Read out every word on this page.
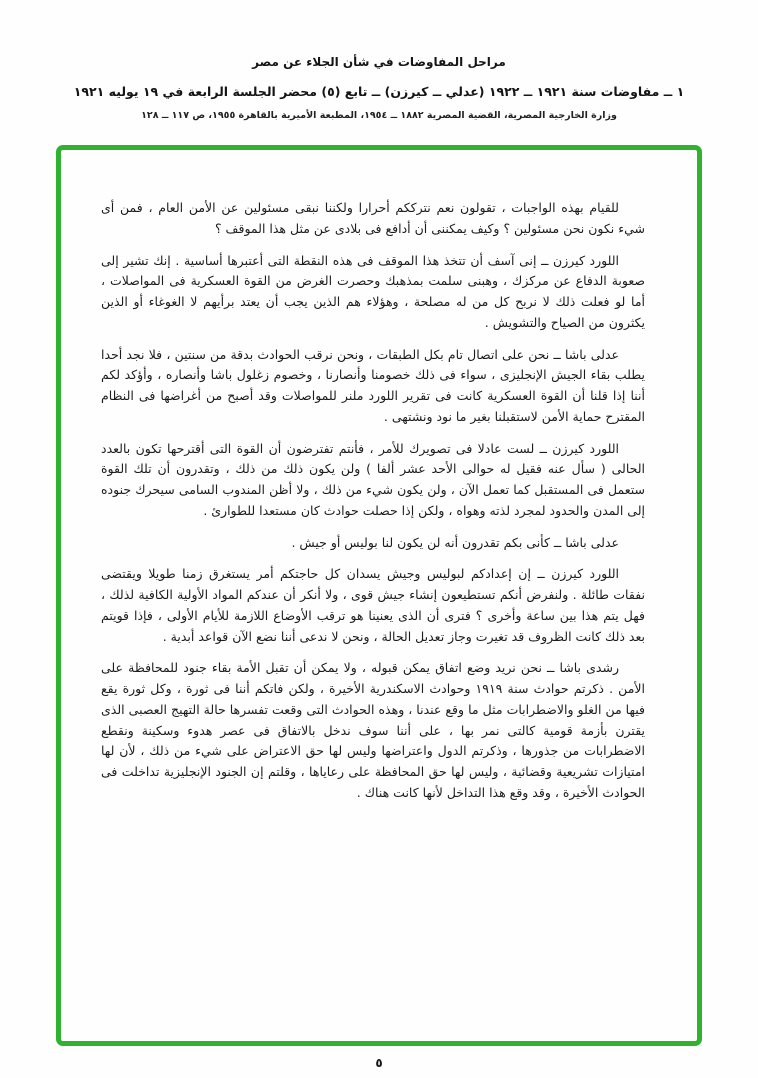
مراحل المفاوضات في شأن الجلاء عن مصر
١ ــ مفاوضات سنة ١٩٢١ ــ ١٩٢٢ (عدلي ــ كيرزن) ــ تابع (٥) محضر الجلسة الرابعة في ١٩ يوليه ١٩٢١
وزارة الخارجية المصرية، القضية المصرية ١٨٨٢ ــ ١٩٥٤، المطبعة الأميرية بالقاهرة ١٩٥٥، ص ١١٧ ــ ١٢٨

للقيام بهذه الواجبات ، تقولون نعم نترككم أحرارا ولكننا نبقى مسئولين عن الأمن العام ، فمن أى شيء نكون نحن مسئولين ؟ وكيف يمكننى أن أدافع فى بلادى عن مثل هذا الموقف ؟

اللورد كيرزن ــ إنى آسف أن تتخذ هذا الموقف فى هذه النقطة التى أعتبرها أساسية . إنك تشير إلى صعوبة الدفاع عن مركزك ، وهبنى سلمت بمذهبك وحصرت الغرض من القوة العسكرية فى المواصلات ، أما لو فعلت ذلك لا نربح كل من له مصلحة ، وهؤلاء هم الذين يجب أن يعتد برأيهم لا الغوغاء أو الذين يكثرون من الصياح والتشويش .

عدلى باشا ــ نحن على اتصال تام بكل الطبقات ، ونحن نرقب الحوادث بدقة من سنتين ، فلا نجد أحدا يطلب بقاء الجيش الإنجليزى ، سواء فى ذلك خصومنا وأنصارنا ، وخصوم زغلول باشا وأنصاره ، وأؤكد لكم أننا إذا قلنا أن القوة العسكرية كانت فى تقرير اللورد ملنر للمواصلات وقد أصبح من أغراضها فى النظام المقترح حماية الأمن لاستقبلنا بغير ما نود ونشتهى .

اللورد كيرزن ــ لست عادلا فى تصويرك للأمر ، فأنتم تفترضون أن القوة التى أقترحها تكون بالعدد الحالى ( سأل عنه فقيل له حوالى الأحد عشر ألفا ) ولن يكون ذلك من ذلك ، وتقدرون أن تلك القوة ستعمل فى المستقبل كما تعمل الآن ، ولن يكون شيء من ذلك ، ولا أظن المندوب السامى سيحرك جنوده إلى المدن والحدود لمجرد لذته وهواه ، ولكن إذا حصلت حوادث كان مستعدا للطوارئ .

عدلى باشا ــ كأنى بكم تقدرون أنه لن يكون لنا بوليس أو جيش .

اللورد كيرزن ــ إن إعدادكم لبوليس وجيش يسدان كل حاجتكم أمر يستغرق زمنا طويلا ويقتضى نفقات طائلة . ولنفرض أنكم تستطيعون إنشاء جيش قوى ، ولا أنكر أن عندكم المواد الأولية الكافية لذلك ، فهل يتم هذا بين ساعة وأخرى ؟ فترى أن الذى يعنينا هو ترقب الأوضاع اللازمة للأيام الأولى ، فإذا قويتم بعد ذلك كانت الظروف قد تغيرت وجاز تعديل الحالة ، ونحن لا ندعى أننا نضع الآن قواعد أبدية .

رشدى باشا ــ نحن نريد وضع اتفاق يمكن قبوله ، ولا يمكن أن تقبل الأمة بقاء جنود للمحافظة على الأمن . ذكرتم حوادث سنة ١٩١٩ وحوادث الاسكندرية الأخيرة ، ولكن فاتكم أننا فى ثورة ، وكل ثورة يقع فيها من الغلو والاضطرابات مثل ما وقع عندنا ، وهذه الحوادث التى وقعت تفسرها حالة التهيج العصبى الذى يقترن بأزمة قومية كالتى نمر بها ، على أننا سوف ندخل بالاتفاق فى عصر هدوء وسكينة ونقطع الاضطرابات من جذورها ، وذكرتم الدول واعتراضها وليس لها حق الاعتراض على شيء من ذلك ، لأن لها امتيازات تشريعية وقضائية ، وليس لها حق المحافظة على رعاياها ، وقلتم إن الجنود الإنجليزية تداخلت فى الحوادث الأخيرة ، وقد وقع هذا التداخل لأنها كانت هناك .

٥
